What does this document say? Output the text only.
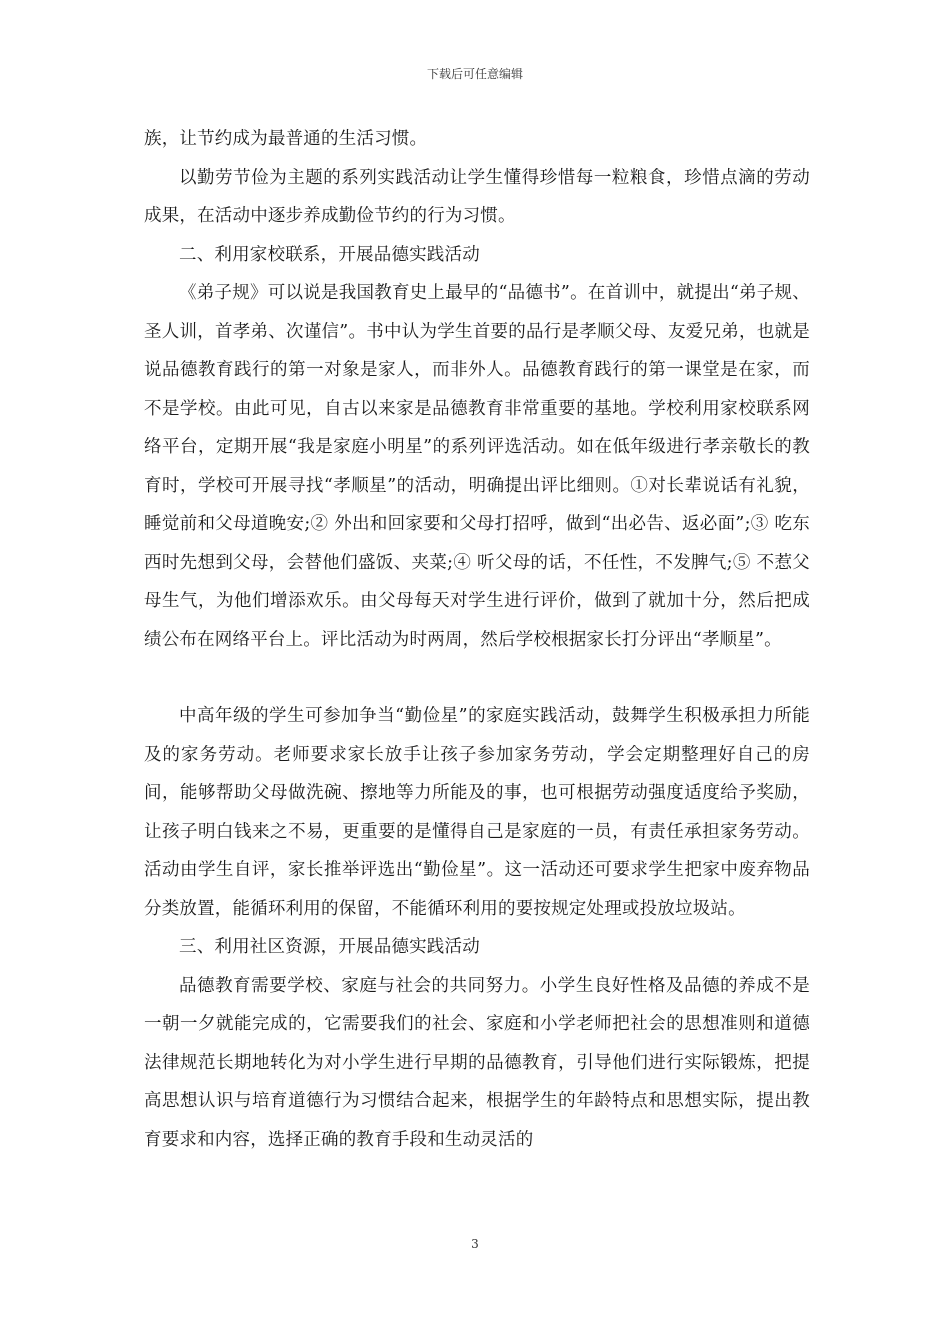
下载后可任意编辑

族，让节约成为最普通的生活习惯。

以勤劳节俭为主题的系列实践活动让学生懂得珍惜每一粒粮食，珍惜点滴的劳动成果，在活动中逐步养成勤俭节约的行为习惯。

二、利用家校联系，开展品德实践活动

《弟子规》可以说是我国教育史上最早的“品德书”。在首训中，就提出“弟子规、圣人训，首孝弟、次谨信”。书中认为学生首要的品行是孝顺父母、友爱兄弟，也就是说品德教育践行的第一对象是家人，而非外人。品德教育践行的第一课堂是在家，而不是学校。由此可见，自古以来家是品德教育非常重要的基地。学校利用家校联系网络平台，定期开展“我是家庭小明星”的系列评选活动。如在低年级进行孝亲敬长的教育时，学校可开展寻找“孝顺星”的活动，明确提出评比细则。①对长辈说话有礼貌，睡觉前和父母道晚安;② 外出和回家要和父母打招呼，做到“出必告、返必面”;③ 吃东西时先想到父母，会替他们盛饭、夹菜;④ 听父母的话，不任性，不发脾气;⑤ 不惹父母生气，为他们增添欢乐。由父母每天对学生进行评价，做到了就加十分，然后把成绩公布在网络平台上。评比活动为时两周，然后学校根据家长打分评出“孝顺星”。

中高年级的学生可参加争当“勤俭星”的家庭实践活动，鼓舞学生积极承担力所能及的家务劳动。老师要求家长放手让孩子参加家务劳动，学会定期整理好自己的房间，能够帮助父母做洗碗、擦地等力所能及的事，也可根据劳动强度适度给予奖励，让孩子明白钱来之不易，更重要的是懂得自己是家庭的一员，有责任承担家务劳动。活动由学生自评，家长推举评选出“勤俭星”。这一活动还可要求学生把家中废弃物品分类放置，能循环利用的保留，不能循环利用的要按规定处理或投放垃圾站。

三、利用社区资源，开展品德实践活动

品德教育需要学校、家庭与社会的共同努力。小学生良好性格及品德的养成不是一朝一夕就能完成的，它需要我们的社会、家庭和小学老师把社会的思想准则和道德法律规范长期地转化为对小学生进行早期的品德教育，引导他们进行实际锻炼，把提高思想认识与培育道德行为习惯结合起来，根据学生的年龄特点和思想实际，提出教育要求和内容，选择正确的教育手段和生动灵活的

3
